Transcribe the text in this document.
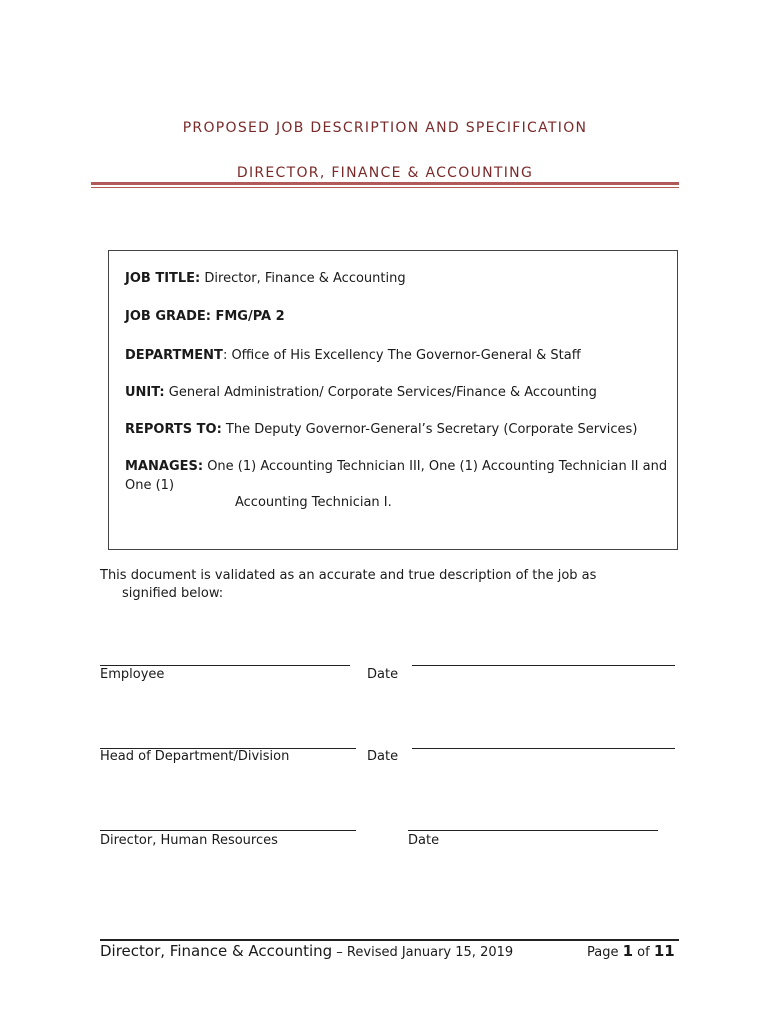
PROPOSED JOB DESCRIPTION AND SPECIFICATION
DIRECTOR, FINANCE & ACCOUNTING
JOB TITLE: Director, Finance & Accounting
JOB GRADE: FMG/PA 2
DEPARTMENT: Office of His Excellency The Governor-General & Staff
UNIT: General Administration/ Corporate Services/Finance & Accounting
REPORTS TO: The Deputy Governor-General’s Secretary (Corporate Services)
MANAGES: One (1) Accounting Technician III, One (1) Accounting Technician II and One (1)
Accounting Technician I.
This document is validated as an accurate and true description of the job as
signified below:
Employee	Date
Head of Department/Division	Date
Director, Human Resources	Date
Director, Finance & Accounting – Revised January 15, 2019	Page 1 of 11
